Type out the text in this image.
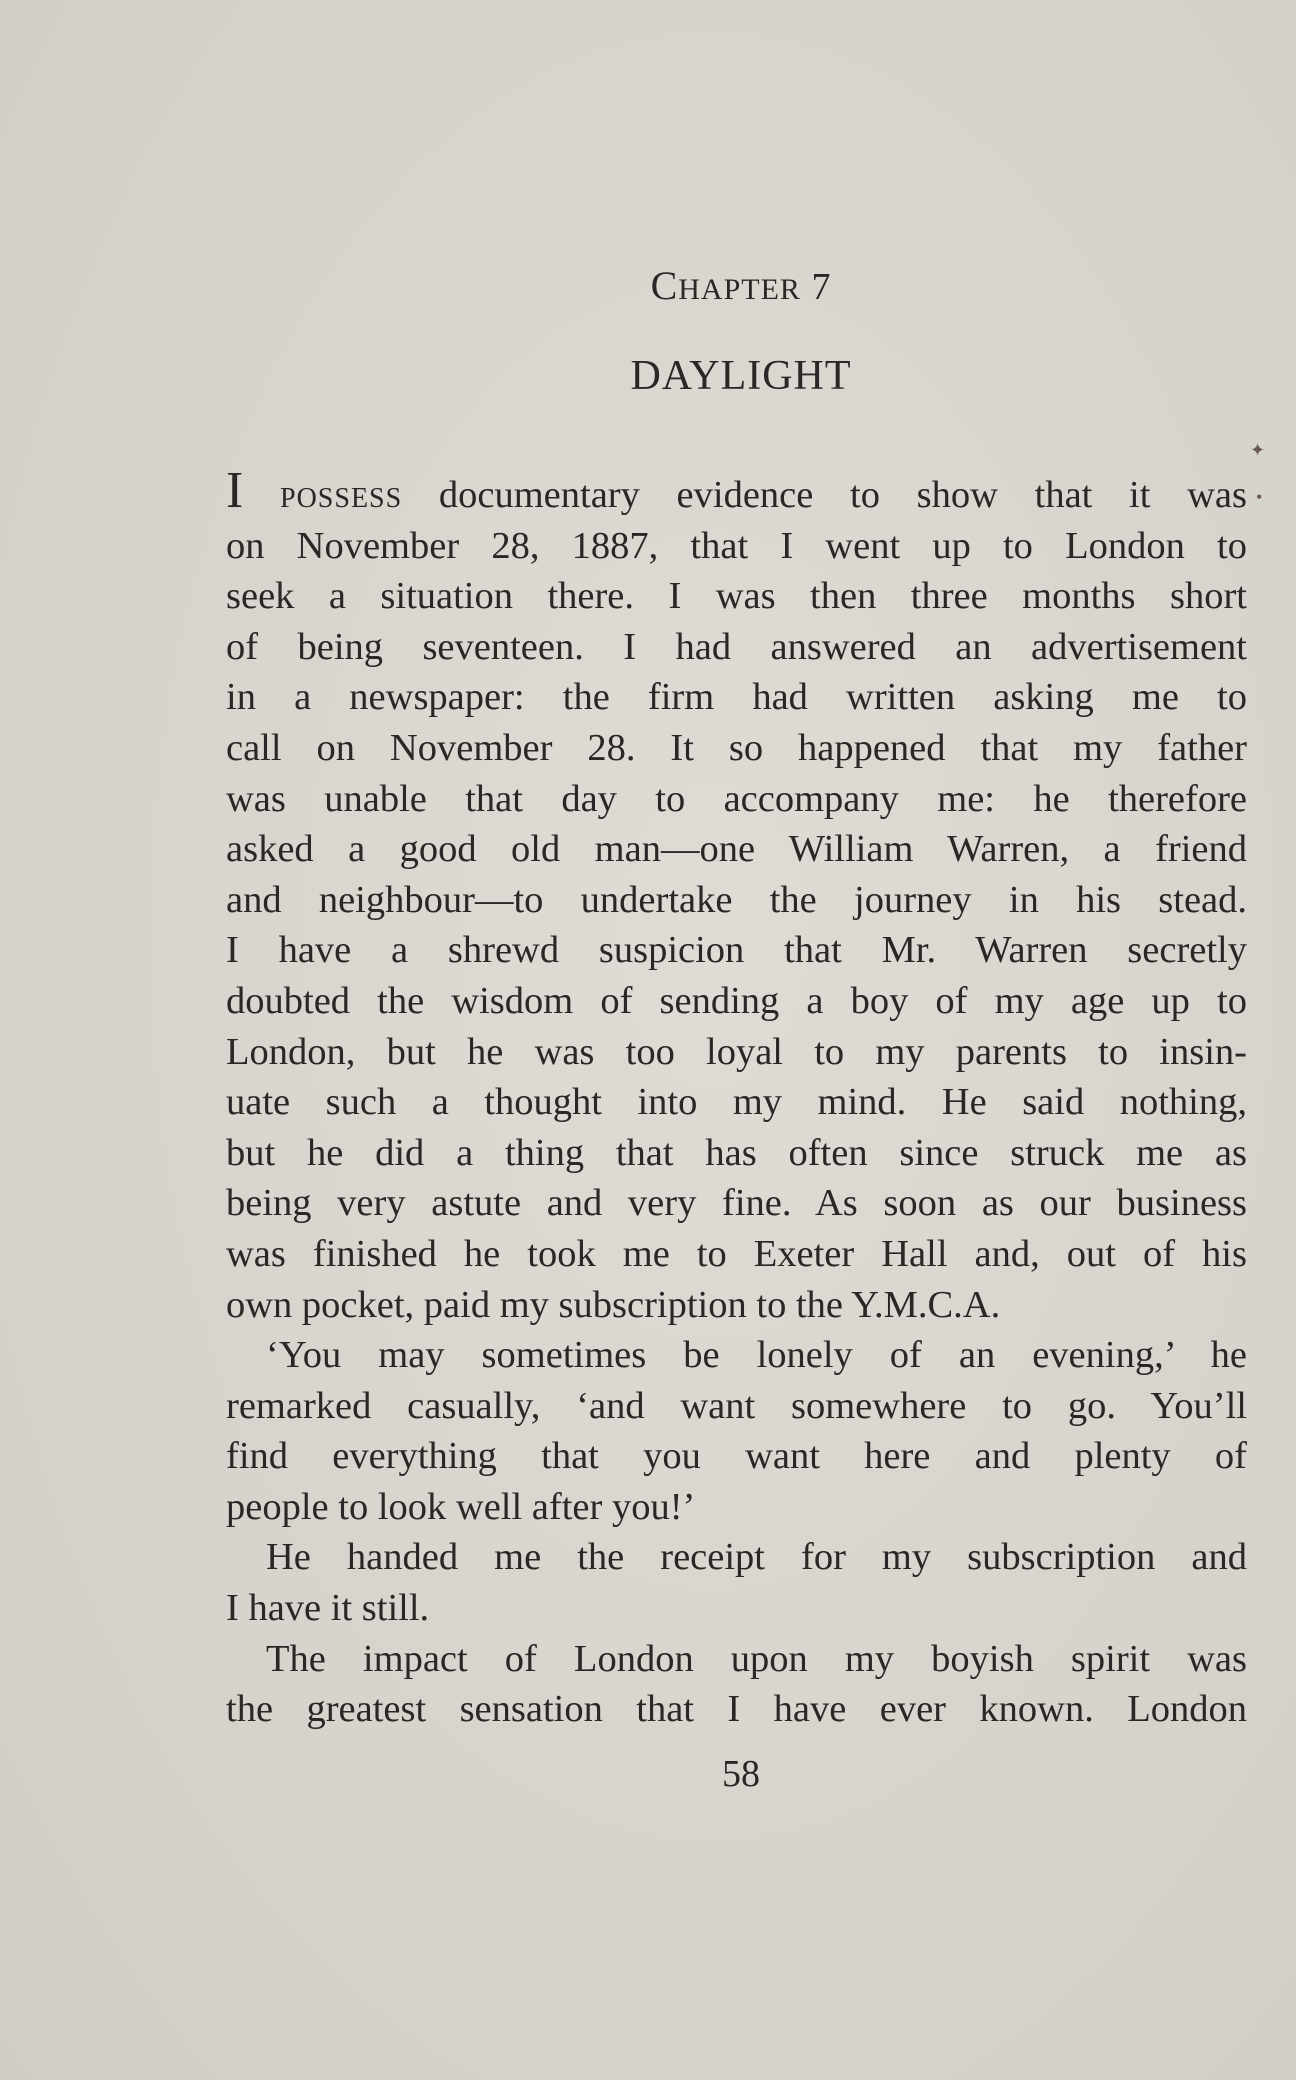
CHAPTER 7
DAYLIGHT
✦
•
I POSSESS documentary evidence to show that it was
on November 28, 1887, that I went up to London to
seek a situation there. I was then three months short
of being seventeen. I had answered an advertisement
in a newspaper: the firm had written asking me to
call on November 28. It so happened that my father
was unable that day to accompany me: he therefore
asked a good old man—one William Warren, a friend
and neighbour—to undertake the journey in his stead.
I have a shrewd suspicion that Mr. Warren secretly
doubted the wisdom of sending a boy of my age up to
London, but he was too loyal to my parents to insin-
uate such a thought into my mind. He said nothing,
but he did a thing that has often since struck me as
being very astute and very fine. As soon as our business
was finished he took me to Exeter Hall and, out of his
own pocket, paid my subscription to the Y.M.C.A.
‘You may sometimes be lonely of an evening,’ he
remarked casually, ‘and want somewhere to go. You’ll
find everything that you want here and plenty of
people to look well after you!’
He handed me the receipt for my subscription and
I have it still.
The impact of London upon my boyish spirit was
the greatest sensation that I have ever known. London
58
